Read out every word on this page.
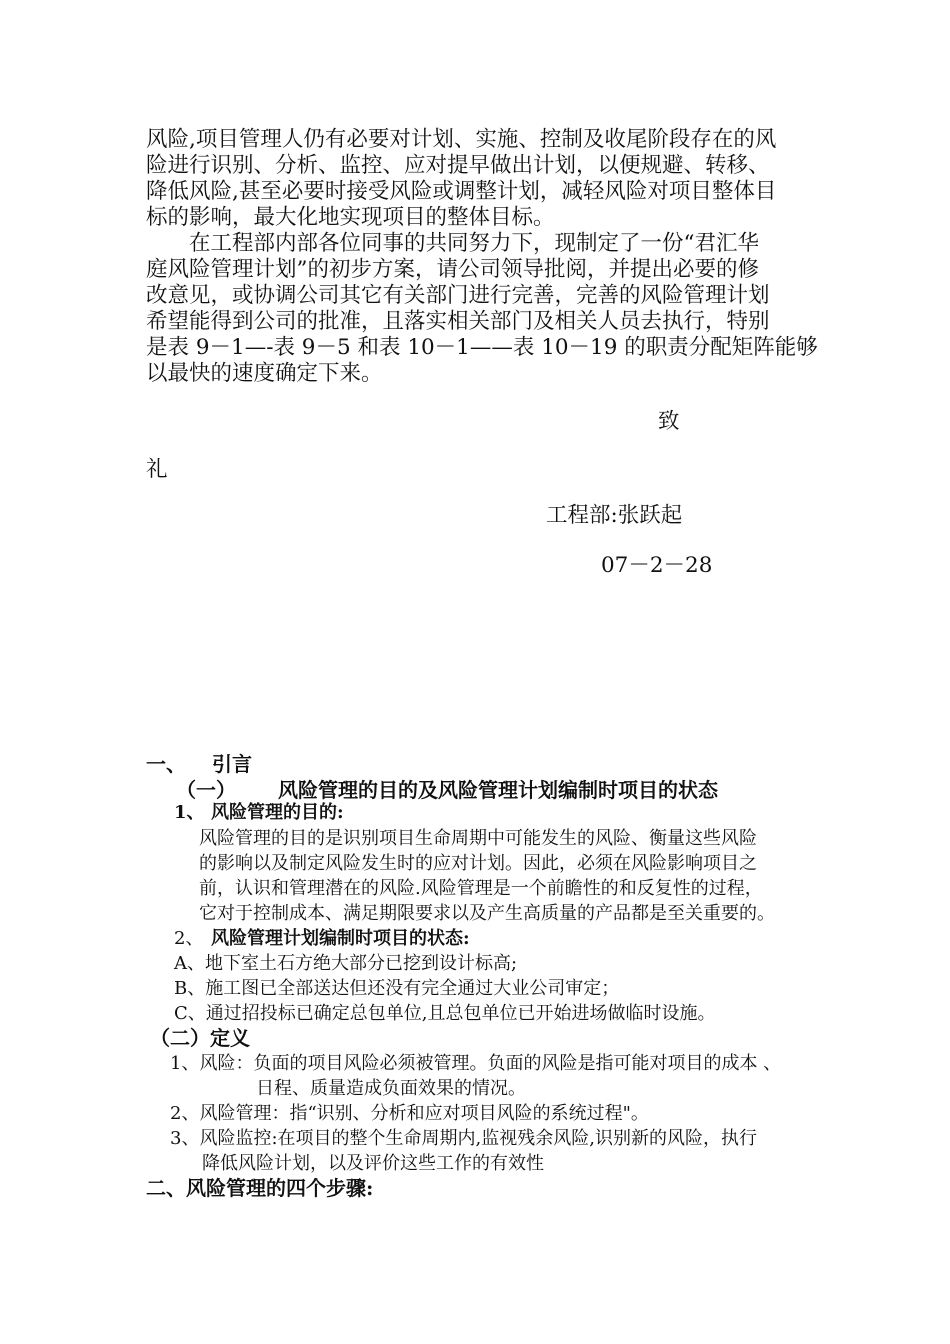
风险,项目管理人仍有必要对计划、实施、控制及收尾阶段存在的风
险进行识别、分析、监控、应对提早做出计划，以便规避、转移、
降低风险,甚至必要时接受风险或调整计划，减轻风险对项目整体目
标的影响，最大化地实现项目的整体目标。
在工程部内部各位同事的共同努力下，现制定了一份“君汇华
庭风险管理计划”的初步方案，请公司领导批阅，并提出必要的修
改意见，或协调公司其它有关部门进行完善，完善的风险管理计划
希望能得到公司的批准，且落实相关部门及相关人员去执行，特别
是表 9－1—-表 9－5 和表 10－1——表 10－19 的职责分配矩阵能够
以最快的速度确定下来。
致
礼
工程部:张跃起
07－2－28
一、 引言
（一） 风险管理的目的及风险管理计划编制时项目的状态
1、 风险管理的目的:
风险管理的目的是识别项目生命周期中可能发生的风险、衡量这些风险
的影响以及制定风险发生时的应对计划。因此，必须在风险影响项目之
前，认识和管理潜在的风险.风险管理是一个前瞻性的和反复性的过程，
它对于控制成本、满足期限要求以及产生高质量的产品都是至关重要的。
2、 风险管理计划编制时项目的状态:
A、地下室土石方绝大部分已挖到设计标高;
B、施工图已全部送达但还没有完全通过大业公司审定；
C、通过招投标已确定总包单位,且总包单位已开始进场做临时设施。
（二）定义
1、风险：负面的项目风险必须被管理。负面的风险是指可能对项目的成本 、
日程、质量造成负面效果的情况。
2、风险管理：指“识别、分析和应对项目风险的系统过程"。
3、风险监控:在项目的整个生命周期内,监视残余风险,识别新的风险，执行
降低风险计划，以及评价这些工作的有效性
二、风险管理的四个步骤:
